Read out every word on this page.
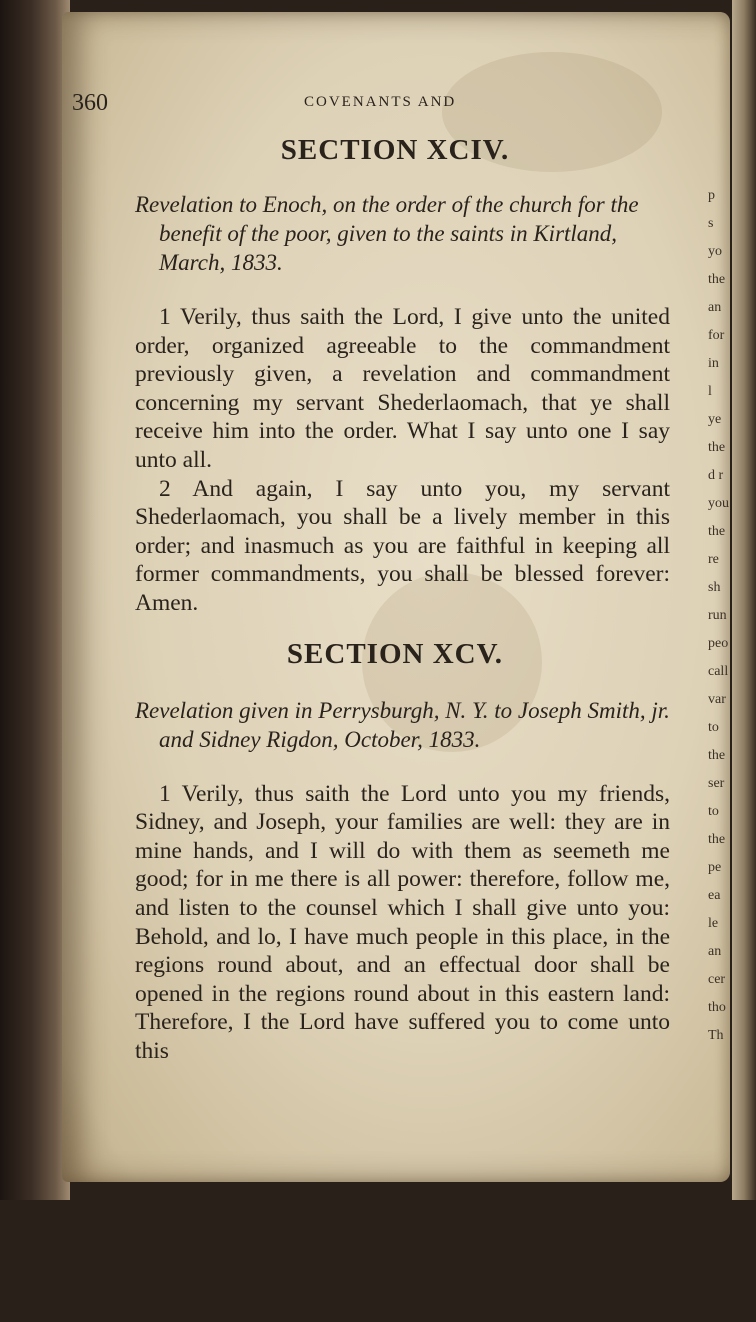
p
s
yo
the
an
for
in
l
ye
the
d r
you
the
re
sh
run
peo
call
var
to
the
ser
to
the
pe
ea
le
an
cer
tho
Th
360	COVENANTS AND
SECTION XCIV.

Revelation to Enoch, on the order of the church for the benefit of the poor, given to the saints in Kirtland, March, 1833.

1 Verily, thus saith the Lord, I give unto the united order, organized agreeable to the commandment previously given, a revelation and commandment concerning my servant Shederlaomach, that ye shall receive him into the order. What I say unto one I say unto all.

2 And again, I say unto you, my servant Shederlaomach, you shall be a lively member in this order; and inasmuch as you are faithful in keeping all former commandments, you shall be blessed forever: Amen.

SECTION XCV.

Revelation given in Perrysburgh, N. Y. to Joseph Smith, jr. and Sidney Rigdon, October, 1833.

1 Verily, thus saith the Lord unto you my friends, Sidney, and Joseph, your families are well: they are in mine hands, and I will do with them as seemeth me good; for in me there is all power: therefore, follow me, and listen to the counsel which I shall give unto you: Behold, and lo, I have much people in this place, in the regions round about, and an effectual door shall be opened in the regions round about in this eastern land: Therefore, I the Lord have suffered you to come unto this
